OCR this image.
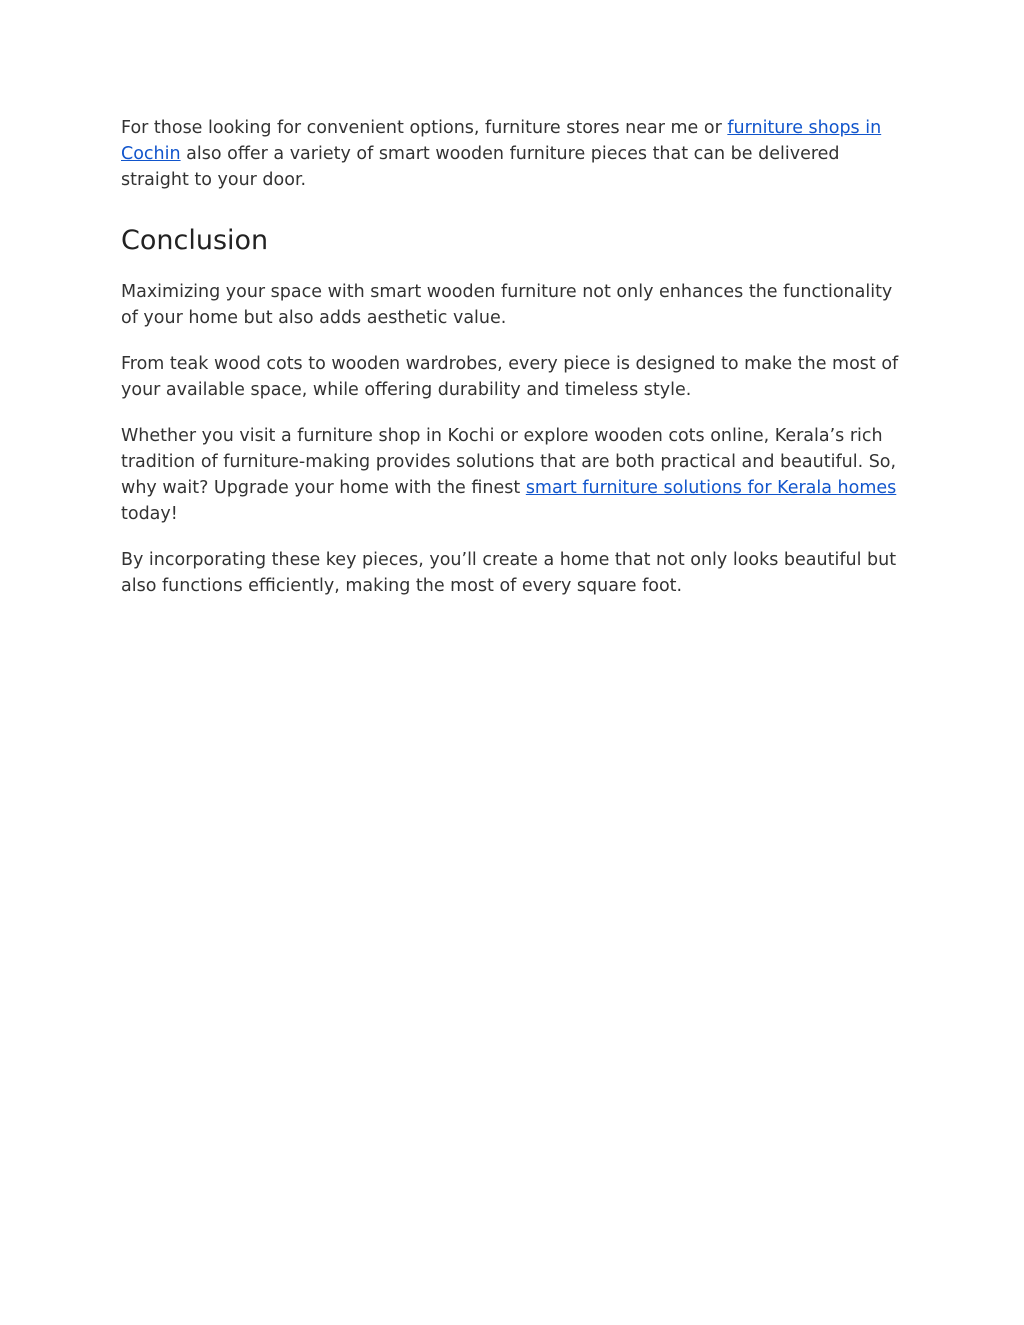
For those looking for convenient options, furniture stores near me or furniture shops in Cochin also offer a variety of smart wooden furniture pieces that can be delivered straight to your door.

Conclusion

Maximizing your space with smart wooden furniture not only enhances the functionality of your home but also adds aesthetic value.

From teak wood cots to wooden wardrobes, every piece is designed to make the most of your available space, while offering durability and timeless style.

Whether you visit a furniture shop in Kochi or explore wooden cots online, Kerala’s rich tradition of furniture-making provides solutions that are both practical and beautiful. So, why wait? Upgrade your home with the finest smart furniture solutions for Kerala homes today!

By incorporating these key pieces, you’ll create a home that not only looks beautiful but also functions efficiently, making the most of every square foot.
